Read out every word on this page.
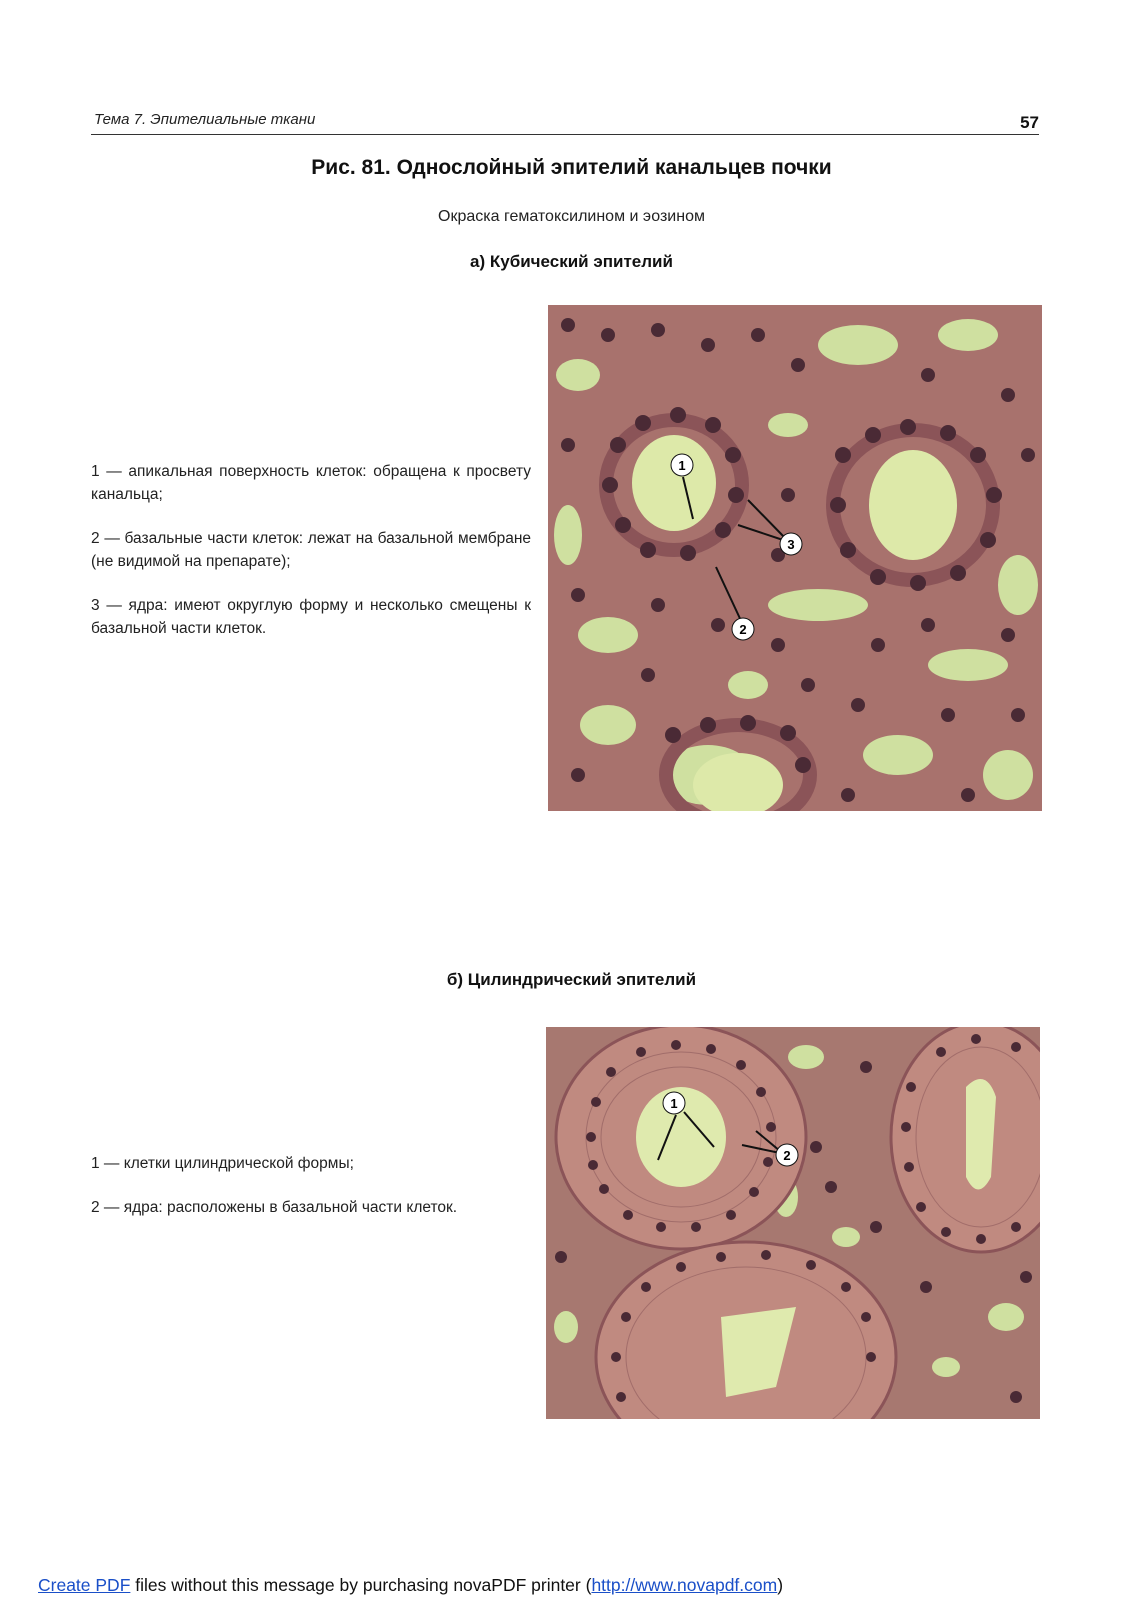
Тема 7. Эпителиальные ткани	57
Рис. 81. Однослойный эпителий канальцев почки
Окраска гематоксилином и эозином
а) Кубический эпителий

1 — апикальная поверхность клеток: обращена к просвету канальца;

2 — базальные части клеток: лежат на базальной мембране (не видимой на препарате);

3 — ядра: имеют округлую форму и несколько смещены к базальной части клеток.

1
2
3
б) Цилиндрический эпителий

1 — клетки цилиндрической формы;

2 — ядра: расположены в базальной части клеток.

1
2
Create PDF files without this message by purchasing novaPDF printer (http://www.novapdf.com)
